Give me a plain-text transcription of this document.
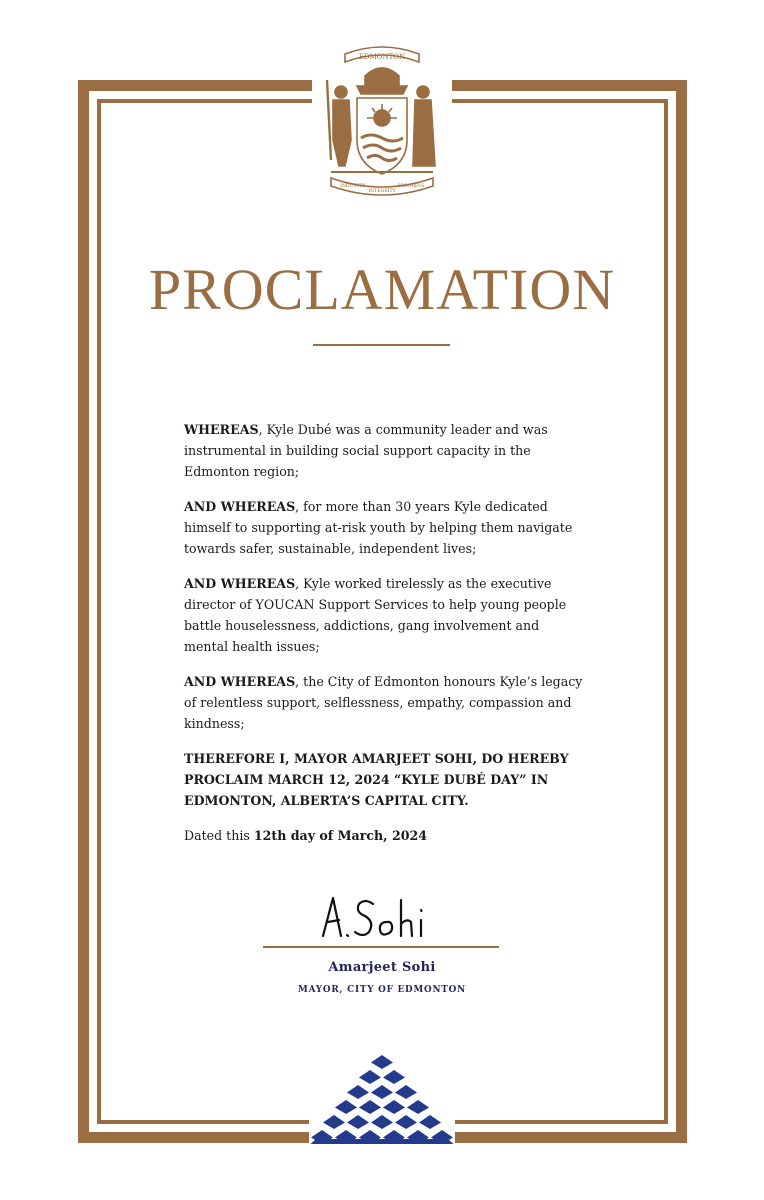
EDMONTON
INDUSTRY
INTEGRITY
PROGRESS
PROCLAMATION

WHEREAS, Kyle Dubé was a community leader and was instrumental in building social support capacity in the Edmonton region;

AND WHEREAS, for more than 30 years Kyle dedicated himself to supporting at-risk youth by helping them navigate towards safer, sustainable, independent lives;

AND WHEREAS, Kyle worked tirelessly as the executive director of YOUCAN Support Services to help young people battle houselessness, addictions, gang involvement and mental health issues;

AND WHEREAS, the City of Edmonton honours Kyle’s legacy of relentless support, selflessness, empathy, compassion and kindness;

THEREFORE I, MAYOR AMARJEET SOHI, DO HEREBY PROCLAIM MARCH 12, 2024 “KYLE DUBÉ DAY” IN EDMONTON, ALBERTA’S CAPITAL CITY.

Dated this 12th day of March, 2024

Amarjeet Sohi
MAYOR, CITY OF EDMONTON
